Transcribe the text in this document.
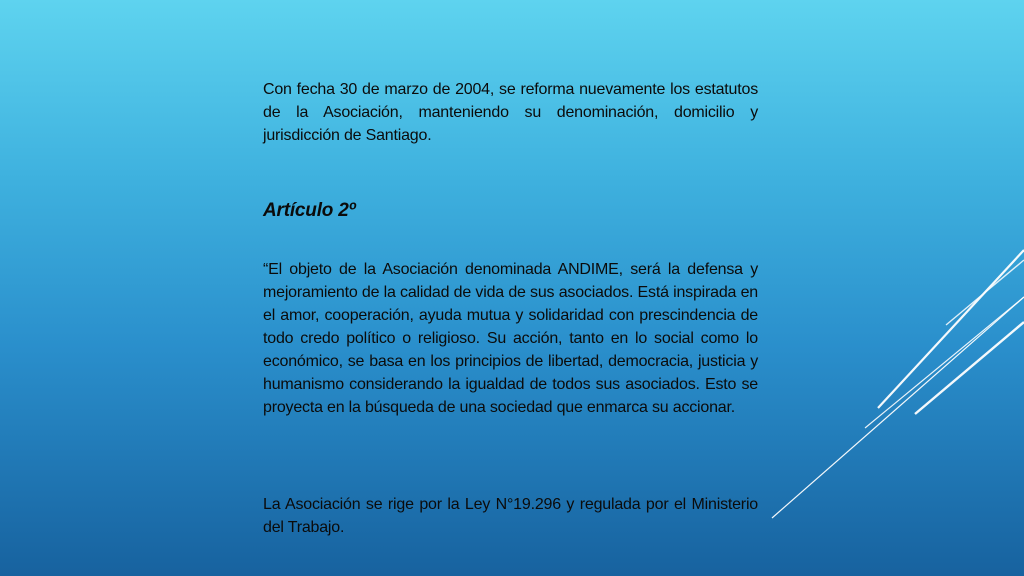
Con fecha 30 de marzo de 2004, se reforma nuevamente los estatutos de la Asociación, manteniendo su denominación, domicilio y jurisdicción de Santiago.
Artículo 2º
“El objeto de la Asociación denominada ANDIME, será la defensa y mejoramiento de la calidad de vida de sus asociados. Está inspirada en el amor, cooperación, ayuda mutua y solidaridad con prescindencia de todo credo político o religioso. Su acción, tanto en lo social como lo económico, se basa en los principios de libertad, democracia, justicia y humanismo considerando la igualdad de todos sus asociados. Esto se proyecta en la búsqueda de una sociedad que enmarca su accionar.
La Asociación se rige por la Ley N°19.296 y regulada por el Ministerio del Trabajo.
